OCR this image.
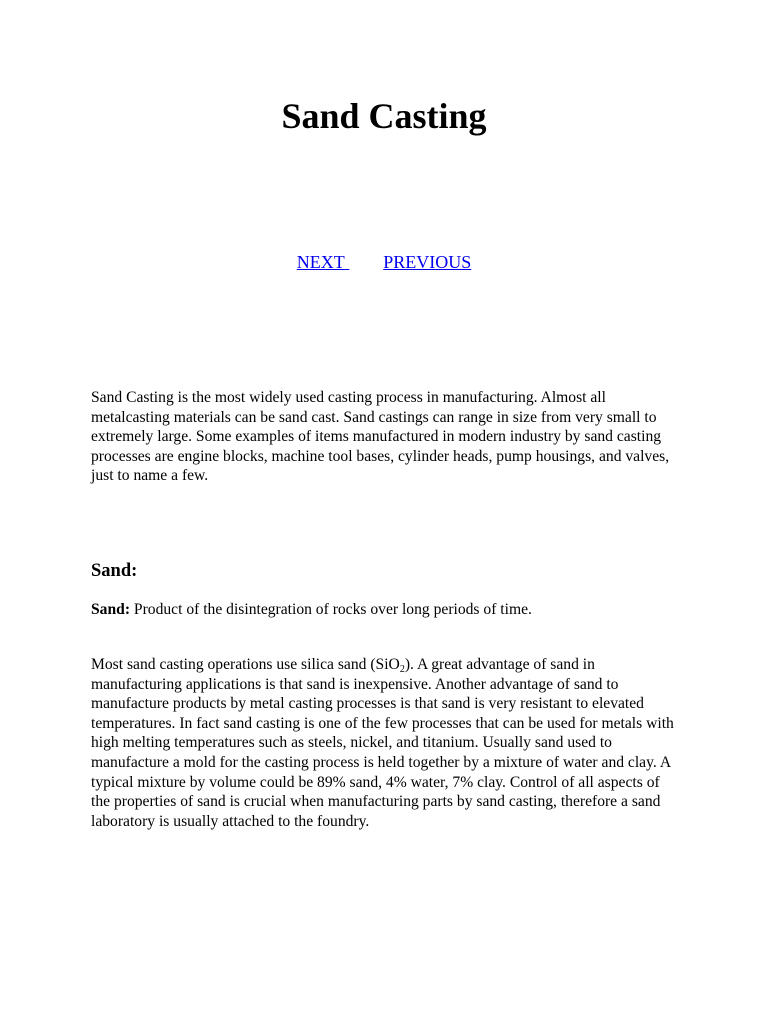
Sand Casting
NEXT PREVIOUS

Sand Casting is the most widely used casting process in manufacturing. Almost all metalcasting materials can be sand cast. Sand castings can range in size from very small to extremely large. Some examples of items manufactured in modern industry by sand casting processes are engine blocks, machine tool bases, cylinder heads, pump housings, and valves, just to name a few.

Sand:

Sand: Product of the disintegration of rocks over long periods of time.

Most sand casting operations use silica sand (SiO$_2$). A great advantage of sand in manufacturing applications is that sand is inexpensive. Another advantage of sand to manufacture products by metal casting processes is that sand is very resistant to elevated temperatures. In fact sand casting is one of the few processes that can be used for metals with high melting temperatures such as steels, nickel, and titanium. Usually sand used to manufacture a mold for the casting process is held together by a mixture of water and clay. A typical mixture by volume could be 89% sand, 4% water, 7% clay. Control of all aspects of the properties of sand is crucial when manufacturing parts by sand casting, therefore a sand laboratory is usually attached to the foundry.
